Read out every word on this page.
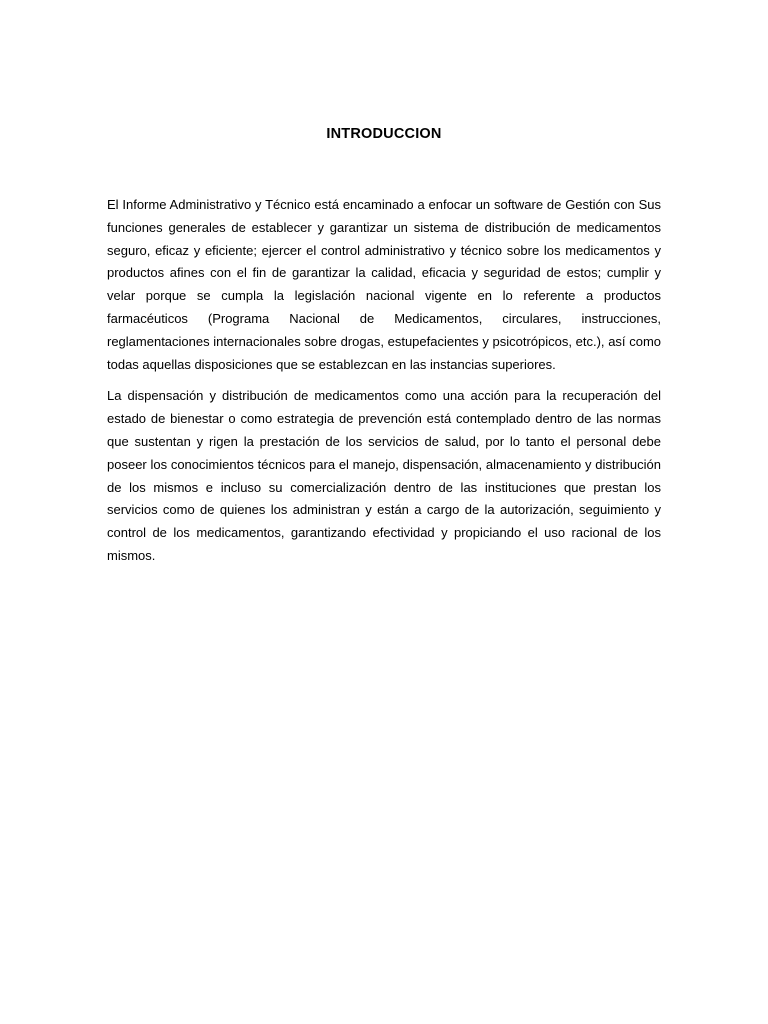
INTRODUCCION

El Informe Administrativo y Técnico está encaminado a enfocar un software de Gestión con Sus funciones generales de establecer y garantizar un sistema de distribución de medicamentos seguro, eficaz y eficiente; ejercer el control administrativo y técnico sobre los medicamentos y productos afines con el fin de garantizar la calidad, eficacia y seguridad de estos; cumplir y velar porque se cumpla la legislación nacional vigente en lo referente a productos farmacéuticos (Programa Nacional de Medicamentos, circulares, instrucciones, reglamentaciones internacionales sobre drogas, estupefacientes y psicotrópicos, etc.), así como todas aquellas disposiciones que se establezcan en las instancias superiores.

La dispensación y distribución de medicamentos como una acción para la recuperación del estado de bienestar o como estrategia de prevención está contemplado dentro de las normas que sustentan y rigen la prestación de los servicios de salud, por lo tanto el personal debe poseer los conocimientos técnicos para el manejo, dispensación, almacenamiento y distribución de los mismos e incluso su comercialización dentro de las instituciones que prestan los servicios como de quienes los administran y están a cargo de la autorización, seguimiento y control de los medicamentos, garantizando efectividad y propiciando el uso racional de los mismos.
